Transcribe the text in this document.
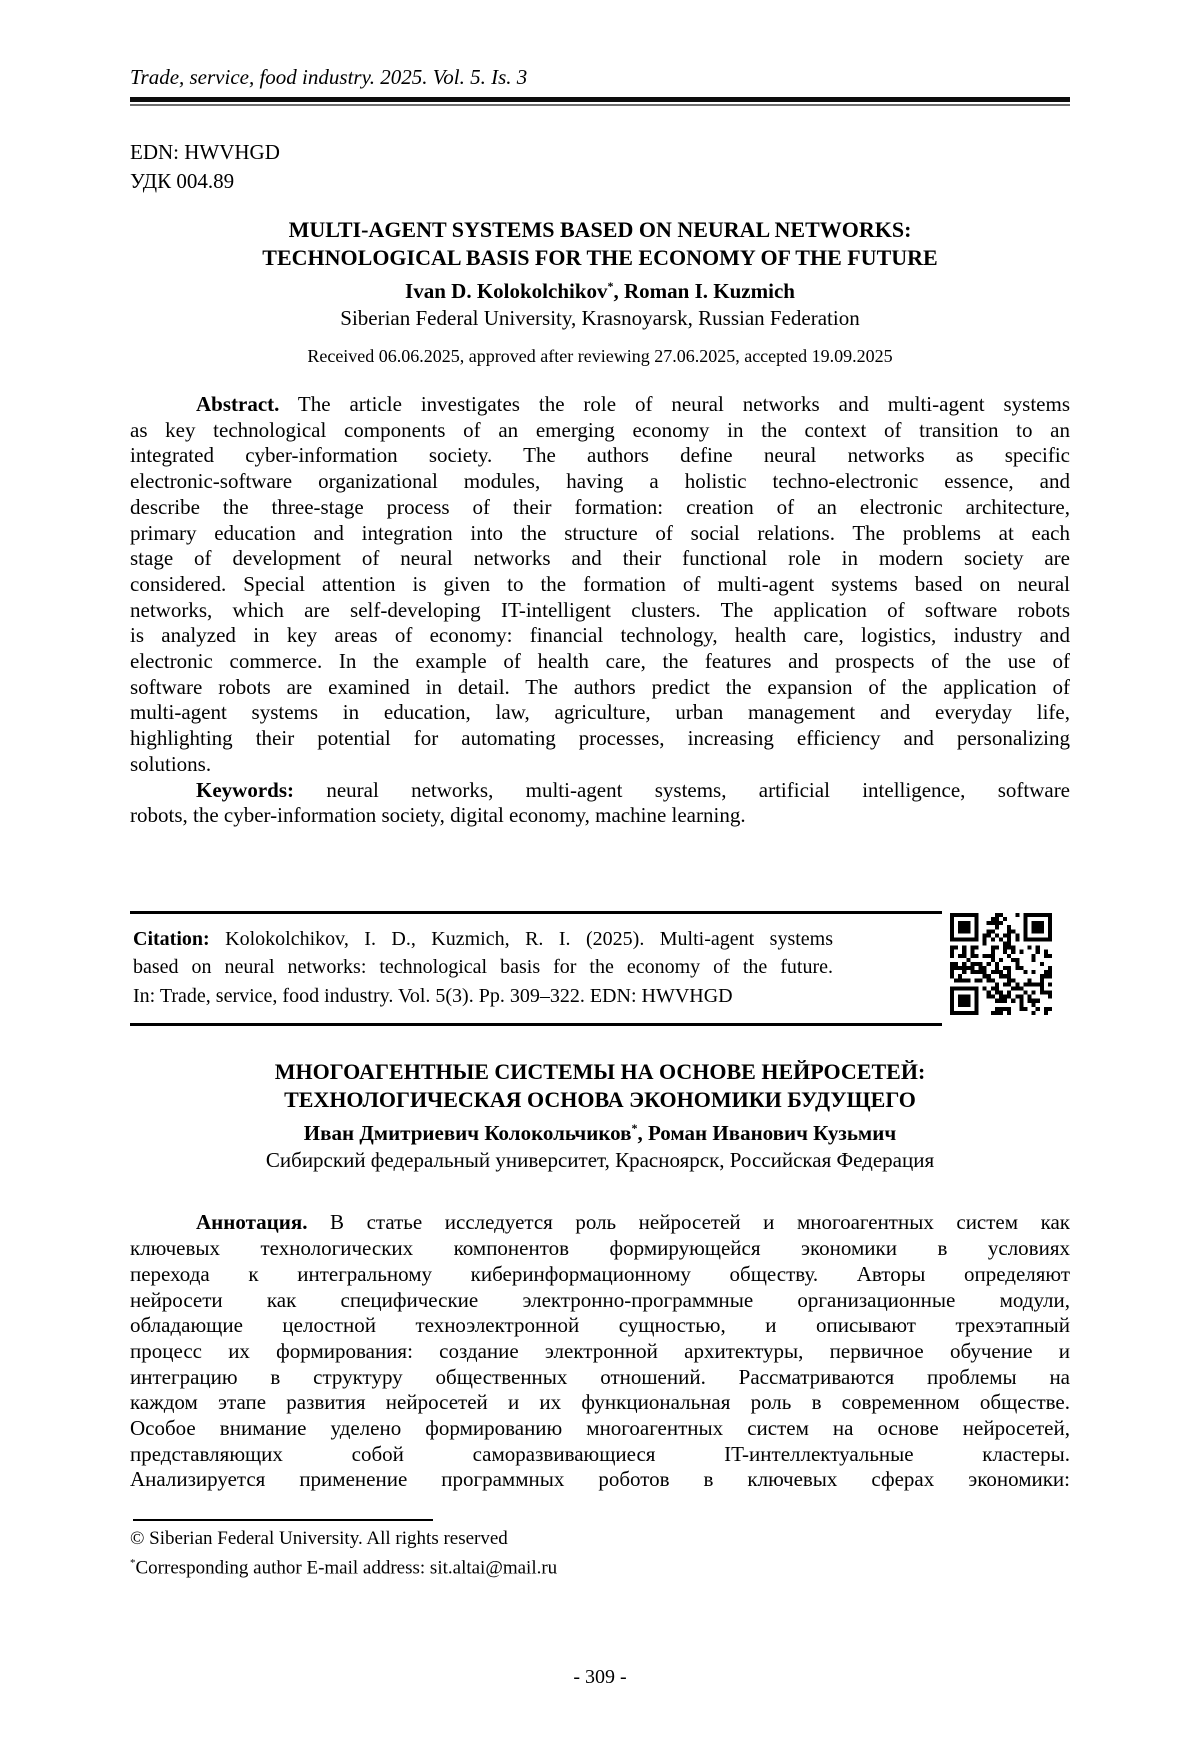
Trade, service, food industry. 2025. Vol. 5. Is. 3
EDN: HWVHGD
УДК 004.89
MULTI-AGENT SYSTEMS BASED ON NEURAL NETWORKS:
TECHNOLOGICAL BASIS FOR THE ECONOMY OF THE FUTURE
Ivan D. Kolokolchikov*, Roman I. Kuzmich
Siberian Federal University, Krasnoyarsk, Russian Federation
Received 06.06.2025, approved after reviewing 27.06.2025, accepted 19.09.2025
Abstract. The article investigates the role of neural networks and multi-agent systems
as key technological components of an emerging economy in the context of transition to an
integrated cyber-information society. The authors define neural networks as specific
electronic-software organizational modules, having a holistic techno-electronic essence, and
describe the three-stage process of their formation: creation of an electronic architecture,
primary education and integration into the structure of social relations. The problems at each
stage of development of neural networks and their functional role in modern society are
considered. Special attention is given to the formation of multi-agent systems based on neural
networks, which are self-developing IT-intelligent clusters. The application of software robots
is analyzed in key areas of economy: financial technology, health care, logistics, industry and
electronic commerce. In the example of health care, the features and prospects of the use of
software robots are examined in detail. The authors predict the expansion of the application of
multi-agent systems in education, law, agriculture, urban management and everyday life,
highlighting their potential for automating processes, increasing efficiency and personalizing
solutions.
Keywords: neural networks, multi-agent systems, artificial intelligence, software
robots, the cyber-information society, digital economy, machine learning.
Citation: Kolokolchikov, I. D., Kuzmich, R. I. (2025). Multi-agent systems
based on neural networks: technological basis for the economy of the future.
In: Trade, service, food industry. Vol. 5(3). Pp. 309–322. EDN: HWVHGD
МНОГОАГЕНТНЫЕ СИСТЕМЫ НА ОСНОВЕ НЕЙРОСЕТЕЙ:
ТЕХНОЛОГИЧЕСКАЯ ОСНОВА ЭКОНОМИКИ БУДУЩЕГО
Иван Дмитриевич Колокольчиков*, Роман Иванович Кузьмич
Сибирский федеральный университет, Красноярск, Российская Федерация
Аннотация. В статье исследуется роль нейросетей и многоагентных систем как
ключевых технологических компонентов формирующейся экономики в условиях
перехода к интегральному киберинформационному обществу. Авторы определяют
нейросети как специфические электронно-программные организационные модули,
обладающие целостной техноэлектронной сущностью, и описывают трехэтапный
процесс их формирования: создание электронной архитектуры, первичное обучение и
интеграцию в структуру общественных отношений. Рассматриваются проблемы на
каждом этапе развития нейросетей и их функциональная роль в современном обществе.
Особое внимание уделено формированию многоагентных систем на основе нейросетей,
представляющих собой саморазвивающиеся IT-интеллектуальные кластеры.
Анализируется применение программных роботов в ключевых сферах экономики:
© Siberian Federal University. All rights reserved
*Corresponding author E-mail address: sit.altai@mail.ru
- 309 -
